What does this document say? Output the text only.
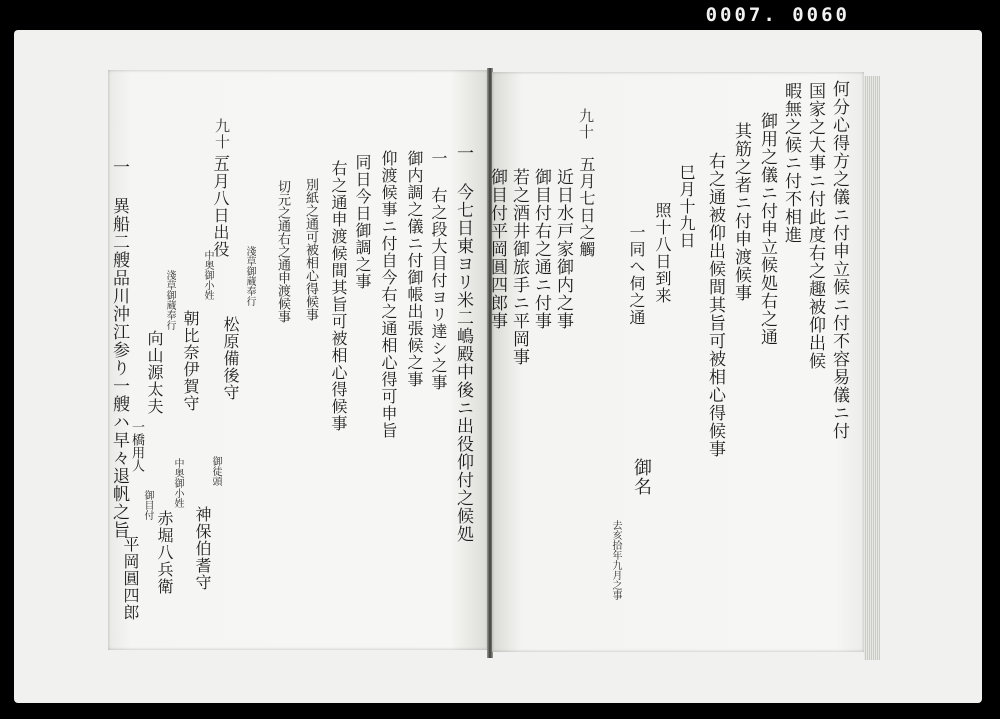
0007. 0060
九十一
五月八日出役	一 今七日東ヨリ米二嶋殿中後ニ出役仰付之候処
一 右之段大目付ヨリ達シ之事
御内調之儀ニ付御帳出張候之事
仰渡候事ニ付自今右之通相心得可申旨
同日今日御調之事
右之通申渡候間其旨可被相心得候事
別紙之通可被相心得候事
切元之通右之通申渡候事
淺草御蔵奉行
松原備後守
中奥御小姓
朝比奈伊賀守
淺草御蔵奉行
向山源太夫
御徒頭
神保伯耆守
中奥御小姓
赤堀八兵衛
御目付
平岡圓四郎
一橋用人
一 異船二艘品川沖江参り一艘ハ早々退帆之旨
九十	何分心得方之儀ニ付申立候ニ付不容易儀ニ付
国家之大事ニ付此度右之趣被仰出候
暇無之候ニ付不相進
御用之儀ニ付申立候処右之通
其筋之者ニ付申渡候事
右之通被仰出候間其旨可被相心得候事
巳月十九日
照十八日到来
一同へ伺之通
御名
去亥拾年九月之事
五月七日之觸
近日水戸家御内之事
御目付右之通ニ付事
若之酒井御旅手ニ平岡事
御目付平岡圓四郎事
